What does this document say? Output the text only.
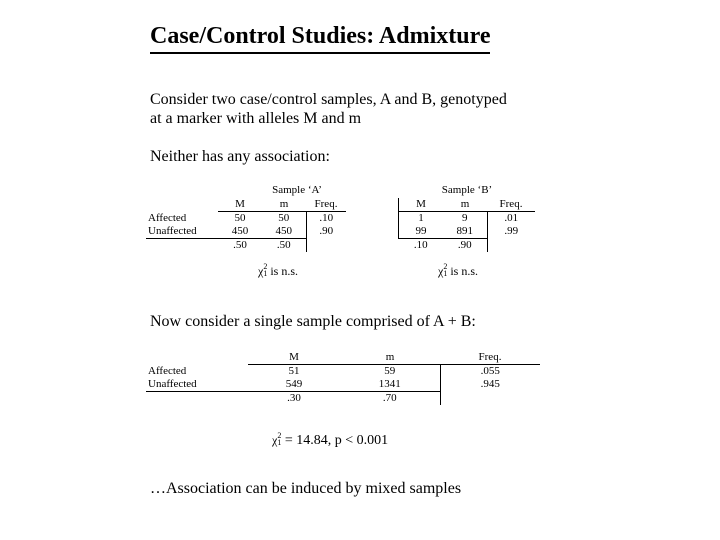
Case/Control Studies: Admixture
Consider two case/control samples, A and B, genotyped
at a marker with alleles M and m
Neither has any association:
Sample ‘A’
	M	m	Freq.
Affected	50	50	.10
Unaffected	450	450	.90
	.50	.50	
$\chi^2_1$ is n.s.
Sample ‘B’
M	m	Freq.
1	9	.01
99	891	.99
.10	.90	
$\chi^2_1$ is n.s.
Now consider a single sample comprised of A + B:
	M	m	Freq.
Affected	51	59	.055
Unaffected	549	1341	.945
	.30	.70	
$\chi^2_1 = 14.84$, p < 0.001
…Association can be induced by mixed samples
